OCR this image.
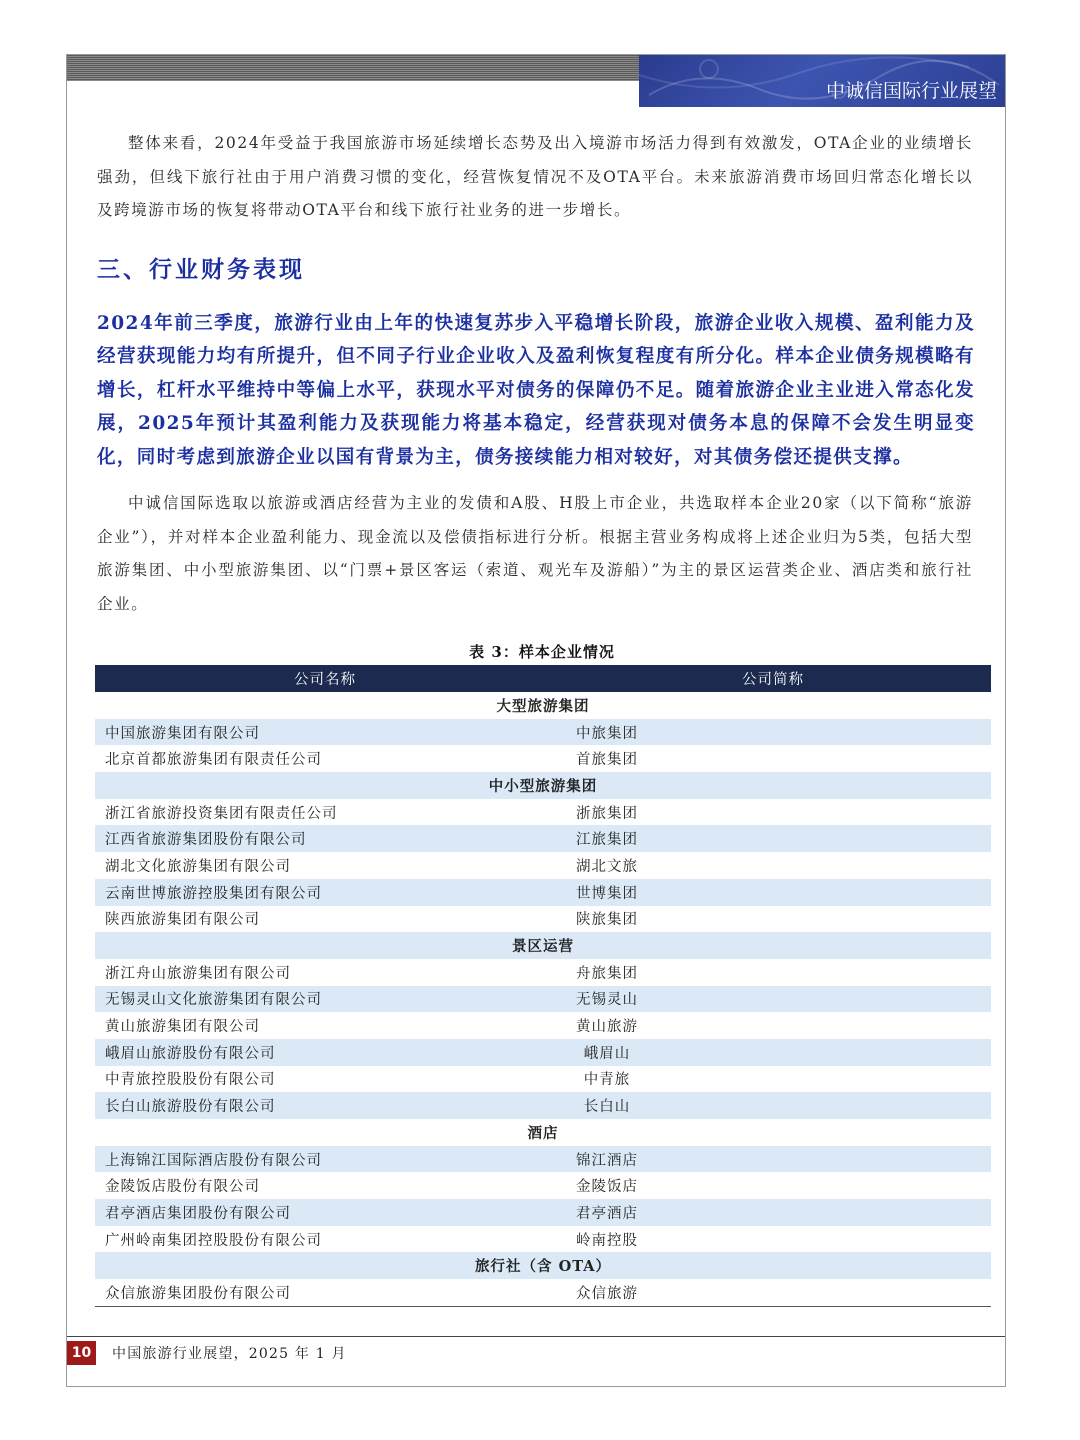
中诚信国际行业展望

整体来看，2024年受益于我国旅游市场延续增长态势及出入境游市场活力得到有效激发，OTA企业的业绩增长强劲，但线下旅行社由于用户消费习惯的变化，经营恢复情况不及OTA平台。未来旅游消费市场回归常态化增长以及跨境游市场的恢复将带动OTA平台和线下旅行社业务的进一步增长。

三、行业财务表现

2024年前三季度，旅游行业由上年的快速复苏步入平稳增长阶段，旅游企业收入规模、盈利能力及经营获现能力均有所提升，但不同子行业企业收入及盈利恢复程度有所分化。样本企业债务规模略有增长，杠杆水平维持中等偏上水平，获现水平对债务的保障仍不足。随着旅游企业主业进入常态化发展，2025年预计其盈利能力及获现能力将基本稳定，经营获现对债务本息的保障不会发生明显变化，同时考虑到旅游企业以国有背景为主，债务接续能力相对较好，对其债务偿还提供支撑。

中诚信国际选取以旅游或酒店经营为主业的发债和A股、H股上市企业，共选取样本企业20家（以下简称“旅游企业”），并对样本企业盈利能力、现金流以及偿债指标进行分析。根据主营业务构成将上述企业归为5类，包括大型旅游集团、中小型旅游集团、以“门票+景区客运（索道、观光车及游船）”为主的景区运营类企业、酒店类和旅行社企业。

表 3：样本企业情况

公司名称	公司简称
大型旅游集团	
中国旅游集团有限公司	中旅集团
北京首都旅游集团有限责任公司	首旅集团
中小型旅游集团	
浙江省旅游投资集团有限责任公司	浙旅集团
江西省旅游集团股份有限公司	江旅集团
湖北文化旅游集团有限公司	湖北文旅
云南世博旅游控股集团有限公司	世博集团
陕西旅游集团有限公司	陕旅集团
景区运营	
浙江舟山旅游集团有限公司	舟旅集团
无锡灵山文化旅游集团有限公司	无锡灵山
黄山旅游集团有限公司	黄山旅游
峨眉山旅游股份有限公司	峨眉山
中青旅控股股份有限公司	中青旅
长白山旅游股份有限公司	长白山
酒店	
上海锦江国际酒店股份有限公司	锦江酒店
金陵饭店股份有限公司	金陵饭店
君亭酒店集团股份有限公司	君亭酒店
广州岭南集团控股股份有限公司	岭南控股
旅行社（含 OTA）	
众信旅游集团股份有限公司	众信旅游
10	中国旅游行业展望，2025 年 1 月
